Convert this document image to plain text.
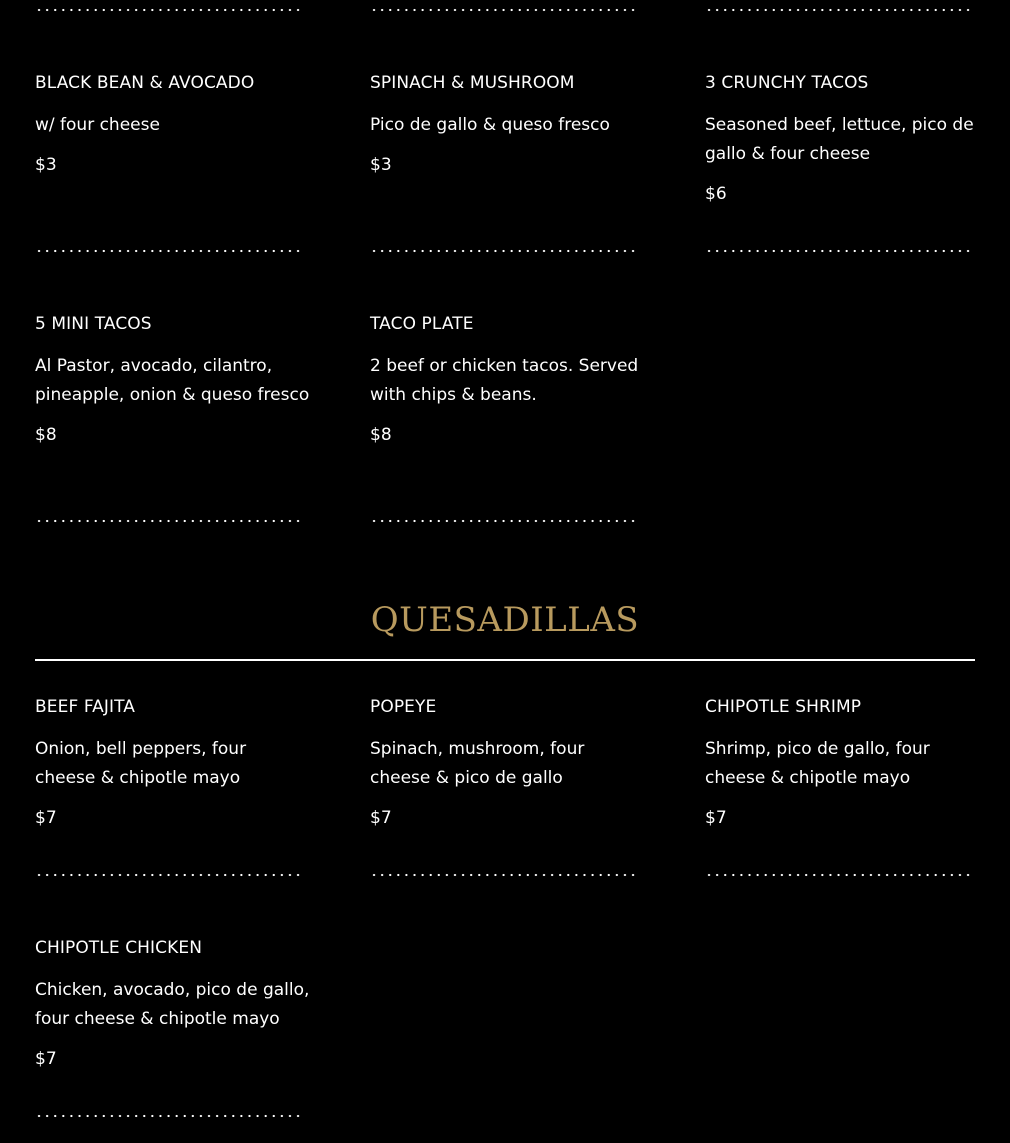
BLACK BEAN & AVOCADO
w/ four cheese
$3
SPINACH & MUSHROOM
Pico de gallo & queso fresco
$3
3 CRUNCHY TACOS
Seasoned beef, lettuce, pico de gallo & four cheese
$6
5 MINI TACOS
Al Pastor, avocado, cilantro, pineapple, onion & queso fresco
$8
TACO PLATE
2 beef or chicken tacos. Served with chips & beans.
$8
QUESADILLAS
BEEF FAJITA
Onion, bell peppers, four cheese & chipotle mayo
$7
POPEYE
Spinach, mushroom, four cheese & pico de gallo
$7
CHIPOTLE SHRIMP
Shrimp, pico de gallo, four cheese & chipotle mayo
$7
CHIPOTLE CHICKEN
Chicken, avocado, pico de gallo, four cheese & chipotle mayo
$7
